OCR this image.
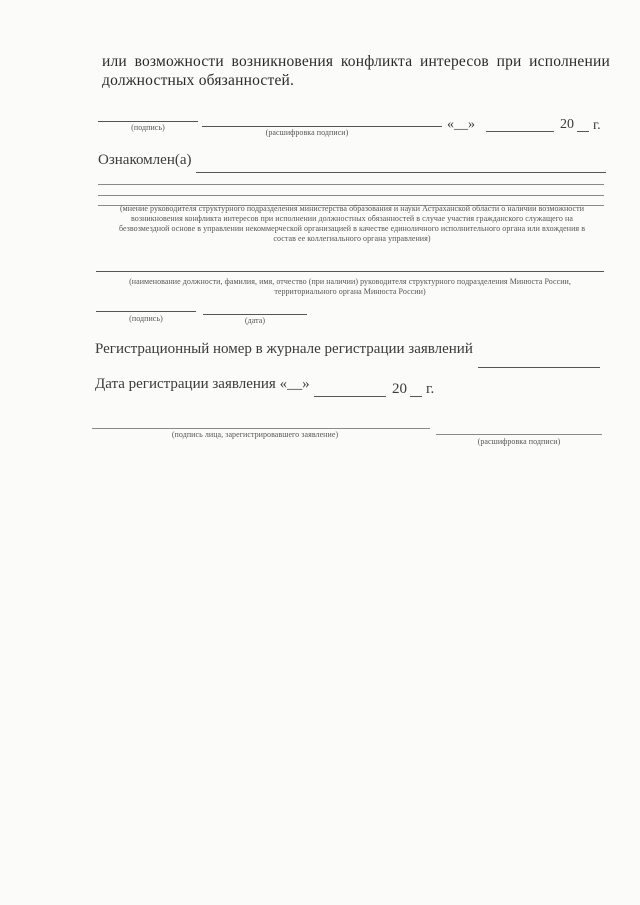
или возможности возникновения конфликта интересов при исполнении
должностных обязанностей.
«__»	20 г.
(подпись)
(расшифровка подписи)
Ознакомлен(а)
(мнение руководителя структурного подразделения министерства образования и науки Астраханской области о наличии возможности
возникновения конфликта интересов при исполнении должностных обязанностей в случае участия гражданского служащего на
безвозмездной основе в управлении некоммерческой организацией в качестве единоличного исполнительного органа или вхождения в
состав ее коллегиального органа управления)
(наименование должности, фамилия, имя, отчество (при наличии) руководителя структурного подразделения Минюста России,
территориального органа Минюста России)
(подпись)	(дата)
Регистрационный номер в журнале регистрации заявлений
Дата регистрации заявления «__»	20 г.
(подпись лица, зарегистрировавшего заявление)
(расшифровка подписи)
